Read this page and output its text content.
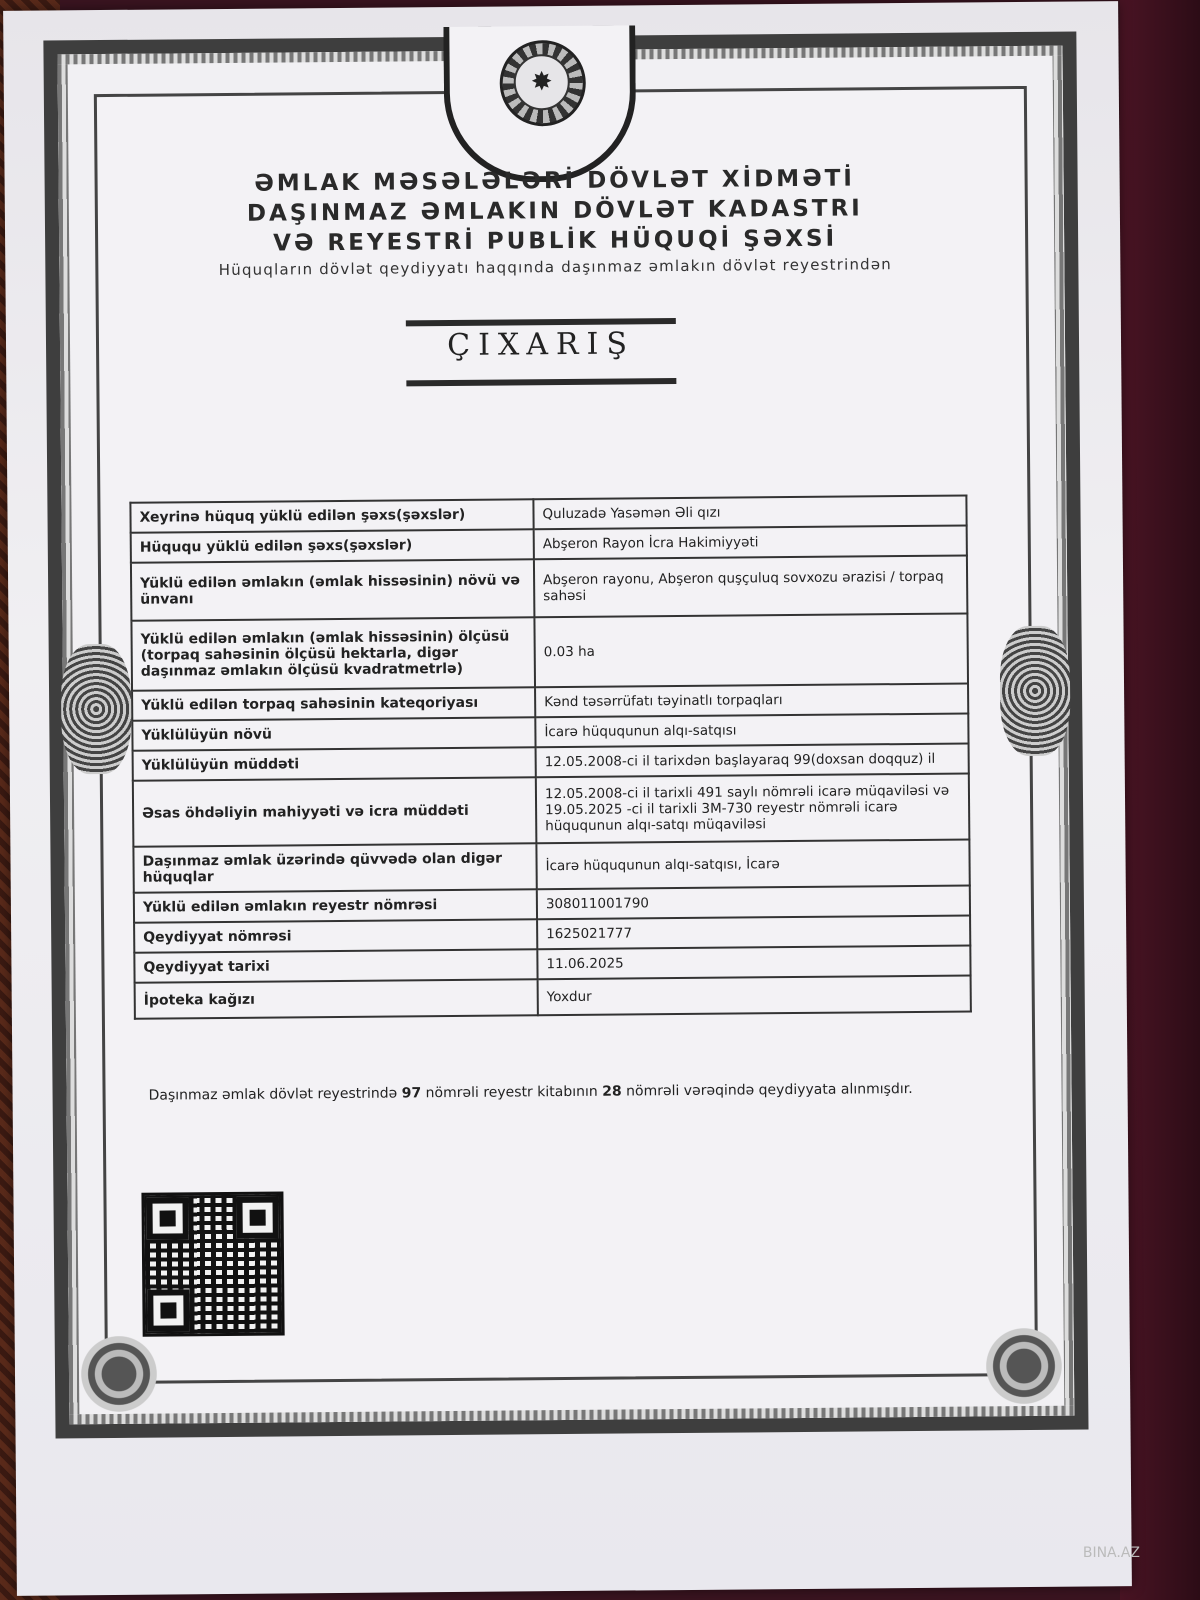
✸
ƏMLAK MƏSƏLƏLƏRİ DÖVLƏT XİDMƏTİ
DAŞINMAZ ƏMLAKIN DÖVLƏT KADASTRI
VƏ REYESTRİ PUBLİK HÜQUQİ ŞƏXSİ
Hüquqların dövlət qeydiyyatı haqqında daşınmaz əmlakın dövlət reyestrindən
ÇIXARIŞ
Xeyrinə hüquq yüklü edilən şəxs(şəxslər)	Quluzadə Yasəmən Əli qızı
Hüququ yüklü edilən şəxs(şəxslər)	Abşeron Rayon İcra Hakimiyyəti
Yüklü edilən əmlakın (əmlak hissəsinin) növü və ünvanı	Abşeron rayonu, Abşeron quşçuluq sovxozu ərazisi / torpaq sahəsi
Yüklü edilən əmlakın (əmlak hissəsinin) ölçüsü (torpaq sahəsinin ölçüsü hektarla, digər daşınmaz əmlakın ölçüsü kvadratmetrlə)	0.03 ha
Yüklü edilən torpaq sahəsinin kateqoriyası	Kənd təsərrüfatı təyinatlı torpaqları
Yüklülüyün növü	İcarə hüququnun alqı-satqısı
Yüklülüyün müddəti	12.05.2008-ci il tarixdən başlayaraq 99(doxsan doqquz) il
Əsas öhdəliyin mahiyyəti və icra müddəti	12.05.2008-ci il tarixli 491 saylı nömrəli icarə müqaviləsi və 19.05.2025 -ci il tarixli 3M-730 reyestr nömrəli icarə hüququnun alqı-satqı müqaviləsi
Daşınmaz əmlak üzərində qüvvədə olan digər hüquqlar	İcarə hüququnun alqı-satqısı, İcarə
Yüklü edilən əmlakın reyestr nömrəsi	308011001790
Qeydiyyat nömrəsi	1625021777
Qeydiyyat tarixi	11.06.2025
İpoteka kağızı	Yoxdur
Daşınmaz əmlak dövlət reyestrində 97 nömrəli reyestr kitabının 28 nömrəli vərəqində qeydiyyata alınmışdır.
BINA.AZ
